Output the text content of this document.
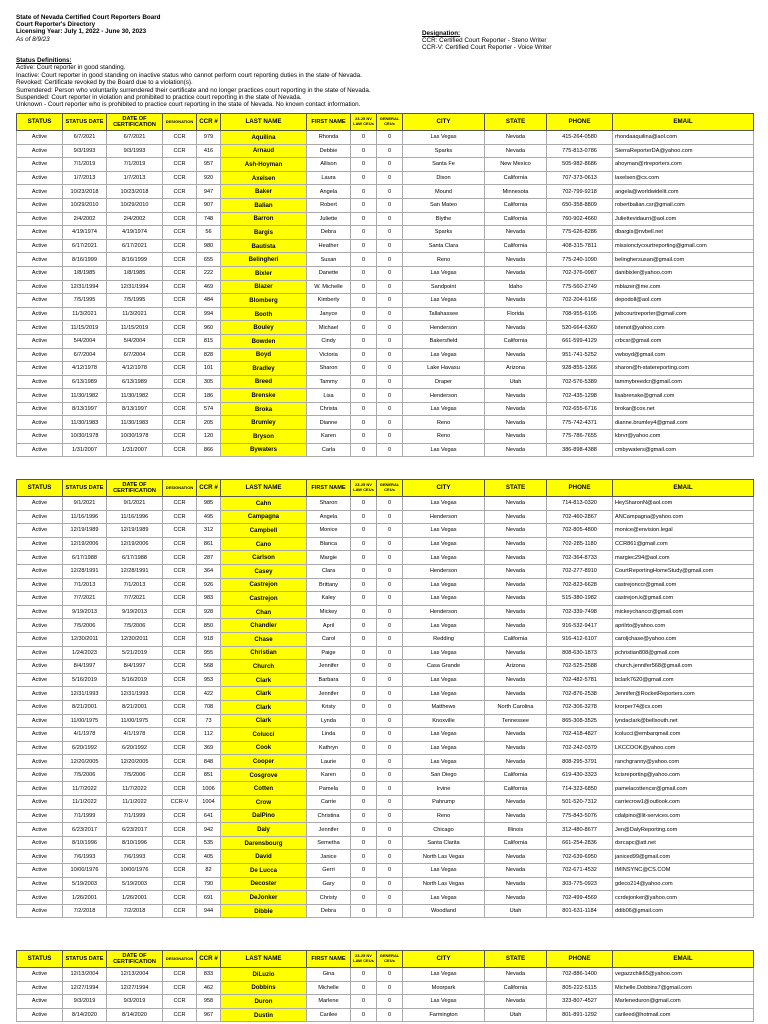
State of Nevada Certified Court Reporters Board
Court Reporter's Directory
Licensing Year: July 1, 2022 - June 30, 2023
As of 8/9/23
Designation:
CCR: Certified Court Reporter - Steno Writer
CCR-V: Certified Court Reporter - Voice Writer
Status Definitions:
Active: Court reporter in good standing.
Inactive: Court reporter in good standing on inactive status who cannot perform court reporting duties in the state of Nevada.
Revoked: Certificate revoked by the Board due to a violation(s).
Surrendered: Person who voluntarily surrendered their certificate and no longer practices court reporting in the state of Nevada.
Suspended: Court reporter in violation and prohibited to practice court reporting in the state of Nevada.
Unknown - Court reporter who is prohibited to practice court reporting in the state of Nevada. No known contact information.
STATUS	STATUS DATE	DATE OF CERTIFICATION	DESIGNATION	CCR #	LAST NAME	FIRST NAME	23-25 NV LAW CEUs	GENERAL CEUs	CITY	STATE	PHONE	EMAIL
Active	6/7/2021	6/7/2021	CCR	979	Aquilina	Rhonda	0	0	Las Vegas	Nevada	415-264-0580	rhondaaquilina@aol.com
Active	9/3/1993	9/3/1993	CCR	416	Arnaud	Debbie	0	0	Sparks	Nevada	775-813-0786	SierraReporterDA@yahoo.com
Active	7/1/2019	7/1/2019	CCR	957	Ash-Hoyman	Allison	0	0	Santa Fe	New Mexico	505-982-8686	ahoyman@rtreporters.com
Active	1/7/2013	1/7/2013	CCR	920	Axelsen	Laura	0	0	Dixon	California	707-373-0613	laxelsen@cs.com
Active	10/23/2018	10/23/2018	CCR	947	Baker	Angela	0	0	Mound	Minnesota	702-799-9218	angela@worldwidelit.com
Active	10/29/2010	10/29/2010	CCR	907	Balian	Robert	0	0	San Mateo	California	650-358-8809	robertbalian.csr@gmail.com
Active	2/4/2002	2/4/2002	CCR	748	Barron	Juliette	0	0	Blythe	California	760-902-4660	Juliettevidaurri@aol.com
Active	4/19/1974	4/19/1974	CCR	56	Bargis	Debra	0	0	Sparks	Nevada	775-626-8286	dbargis@nvbell.net
Active	6/17/2021	6/17/2021	CCR	980	Bautista	Heather	0	0	Santa Clara	California	408-315-7811	missionctycourtreporting@gmail.com
Active	8/16/1999	8/16/1999	CCR	655	Belingheri	Susan	0	0	Reno	Nevada	775-240-1090	belinghersusan@gmail.com
Active	1/8/1985	1/8/1985	CCR	222	Bixler	Danette	0	0	Las Vegas	Nevada	702-376-0987	danibixler@yahoo.com
Active	12/31/1994	12/31/1994	CCR	469	Blazer	W. Michelle	0	0	Sandpoint	Idaho	775-560-2749	mblazer@me.com
Active	7/5/1995	7/5/1995	CCR	484	Blomberg	Kimberly	0	0	Las Vegas	Nevada	702-204-6166	depodoll@aol.com
Active	11/3/2021	11/3/2021	CCR	994	Booth	Janyce	0	0	Tallahassee	Florida	708-955-6195	jwbcourtreporter@gmail.com
Active	11/15/2019	11/15/2019	CCR	960	Bouley	Michael	0	0	Henderson	Nevada	520-664-6360	istenot@yahoo.com
Active	5/4/2004	5/4/2004	CCR	815	Bowden	Cindy	0	0	Bakersfield	California	661-599-4129	crbcsr@gmail.com
Active	6/7/2004	6/7/2004	CCR	828	Boyd	Victoria	0	0	Las Vegas	Nevada	951-741-5252	vwboyd@gmail.com
Active	4/12/1978	4/12/1978	CCR	101	Bradley	Sharon	0	0	Lake Havasu	Arizona	928-855-1366	sharon@h-statereporting.com
Active	6/13/1989	6/13/1989	CCR	305	Breed	Tammy	0	0	Draper	Utah	702-576-5389	tammybreedcr@gmail.com
Active	11/30/1982	11/30/1982	CCR	186	Brenske	Lisa	0	0	Henderson	Nevada	702-435-1298	lisabrenske@gmail.com
Active	8/13/1997	8/13/1997	CCR	574	Broka	Christa	0	0	Las Vegas	Nevada	702-655-6716	brokar@cox.net
Active	11/30/1983	11/30/1983	CCR	205	Brumley	Dianne	0	0	Reno	Nevada	775-742-4371	dianne.brumley4@gmail.com
Active	10/30/1978	10/30/1978	CCR	120	Bryson	Karen	0	0	Reno	Nevada	775-786-7655	kbrvr@yahoo.com
Active	1/31/2007	1/31/2007	CCR	866	Bywaters	Carla	0	0	Las Vegas	Nevada	386-898-4388	cmbywaters@gmail.com
STATUS	STATUS DATE	DATE OF CERTIFICATION	DESIGNATION	CCR #	LAST NAME	FIRST NAME	23-25 NV LAW CEUs	GENERAL CEUs	CITY	STATE	PHONE	EMAIL
Active	9/1/2021	9/1/2021	CCR	985	Cahn	Sharon	0	0	Las Vegas	Nevada	714-813-0320	HeySharonN@aol.com
Active	11/16/1996	11/16/1996	CCR	495	Campagna	Angela	0	0	Henderson	Nevada	702-460-2867	ANCampagna@yahoo.com
Active	12/19/1989	12/19/1989	CCR	312	Campbell	Monice	0	0	Las Vegas	Nevada	702-805-4800	monice@envision.legal
Active	12/19/2006	12/19/2006	CCR	861	Cano	Blanca	0	0	Las Vegas	Nevada	702-285-1180	CCR861@gmail.com
Active	6/17/1988	6/17/1988	CCR	287	Carlson	Margie	0	0	Las Vegas	Nevada	702-364-8733	margiec294@aol.com
Active	12/28/1991	12/28/1991	CCR	364	Casey	Clara	0	0	Henderson	Nevada	702-277-8910	CourtReportingHomeStudy@gmail.com
Active	7/1/2013	7/1/2013	CCR	926	Castrejon	Brittany	0	0	Las Vegas	Nevada	702-823-6628	castrejonccr@gmail.com
Active	7/7/2021	7/7/2021	CCR	983	Castrejon	Kaley	0	0	Las Vegas	Nevada	515-380-1982	castrejon.k@gmail.com
Active	9/19/2013	9/19/2013	CCR	928	Chan	Mickey	0	0	Henderson	Nevada	702-339-7498	mickeychanccr@gmail.com
Active	7/5/2006	7/5/2006	CCR	850	Chandler	April	0	0	Las Vegas	Nevada	916-532-9417	aprilrto@yahoo.com
Active	12/30/2011	12/30/2011	CCR	918	Chase	Carol	0	0	Redding	California	916-412-6107	caroljchase@yahoo.com
Active	1/24/2023	5/21/2019	CCR	955	Christian	Paige	0	0	Las Vegas	Nevada	808-630-1873	pchristian808@gmail.com
Active	8/4/1997	8/4/1997	CCR	568	Church	Jennifer	0	0	Casa Grande	Arizona	702-525-2588	church.jennifer568@gmail.com
Active	5/16/2019	5/16/2019	CCR	953	Clark	Barbara	0	0	Las Vegas	Nevada	702-482-5781	bclark7620@gmail.com
Active	12/31/1993	12/31/1993	CCR	422	Clark	Jennifer	0	0	Las Vegas	Nevada	702-876-2538	Jennifer@RocketReporters.com
Active	8/21/2001	8/21/2001	CCR	708	Clark	Kristy	0	0	Matthews	North Carolina	702-306-3278	krorper74@cs.com
Active	11/00/1975	11/00/1975	CCR	73	Clark	Lynda	0	0	Knoxville	Tennessee	865-308-3525	lyndaclark@bellsouth.net
Active	4/1/1978	4/1/1978	CCR	112	Colucci	Linda	0	0	Las Vegas	Nevada	702-418-4827	lcolucci@embarqmail.com
Active	6/20/1992	6/20/1992	CCR	369	Cook	Kathryn	0	0	Las Vegas	Nevada	702-242-0379	LKCCOOK@yahoo.com
Active	12/20/2005	12/20/2005	CCR	848	Cooper	Laurie	0	0	Las Vegas	Nevada	808-295-3791	ranchgranny@yahoo.com
Active	7/5/2006	7/5/2006	CCR	851	Cosgrove	Karen	0	0	San Diego	California	619-430-3323	kcisreporting@yahoo.com
Active	11/7/2022	11/7/2022	CCR	1006	Cotten	Pamela	0	0	Irvine	California	714-323-6850	pamelacottencsr@gmail.com
Active	11/1/2022	11/1/2022	CCR-V	1004	Crow	Carrie	0	0	Pahrump	Nevada	501-520-7312	carriecrow1@outlook.com
Active	7/1/1999	7/1/1999	CCR	641	DalPino	Christina	0	0	Reno	Nevada	775-843-5076	cdalpino@lit-services.com
Active	6/23/2017	6/23/2017	CCR	942	Daly	Jennifer	0	0	Chicago	Illinois	312-480-8677	Jen@DalyReporting.com
Active	8/10/1996	8/10/1996	CCR	535	Darensbourg	Semetha	0	0	Santa Clarita	California	661-254-2836	dsrcapc@att.net
Active	7/6/1993	7/6/1993	CCR	405	David	Janice	0	0	North Las Vegas	Nevada	702-639-6950	janiced99@gmail.com
Active	10/00/1976	10/00/1976	CCR	82	De Lucca	Gerri	0	0	Las Vegas	Nevada	702-671-4532	IMINSYNC@CS.COM
Active	5/19/2003	5/19/2003	CCR	790	Decoster	Gary	0	0	North Las Vegas	Nevada	303-775-0923	gdeco214@yahoo.com
Active	1/26/2001	1/26/2001	CCR	691	DeJonker	Christy	0	0	Las Vegas	Nevada	702-499-4569	ccrdejonker@yahoo.com
Active	7/2/2018	7/2/2018	CCR	944	Dibble	Debra	0	0	Woodland	Utah	801-631-1184	ddib06@gmail.com
STATUS	STATUS DATE	DATE OF CERTIFICATION	DESIGNATION	CCR #	LAST NAME	FIRST NAME	23-25 NV LAW CEUs	GENERAL CEUs	CITY	STATE	PHONE	EMAIL
Active	12/13/2004	12/13/2004	CCR	833	DiLuzio	Gina	0	0	Las Vegas	Nevada	702-886-1400	vegazzchik65@yahoo.com
Active	12/27/1994	12/27/1994	CCR	462	Dobbins	Michelle	0	0	Moorpark	California	805-222-5115	Michelle.Dobbins7@gmail.com
Active	9/3/2019	9/3/2019	CCR	958	Duron	Marlene	0	0	Las Vegas	Nevada	323-807-4527	Marleneduron@gmail.com
Active	8/14/2020	8/14/2020	CCR	967	Dustin	Carilee	0	0	Farmington	Utah	801-891-1292	carileed@hotmail.com
